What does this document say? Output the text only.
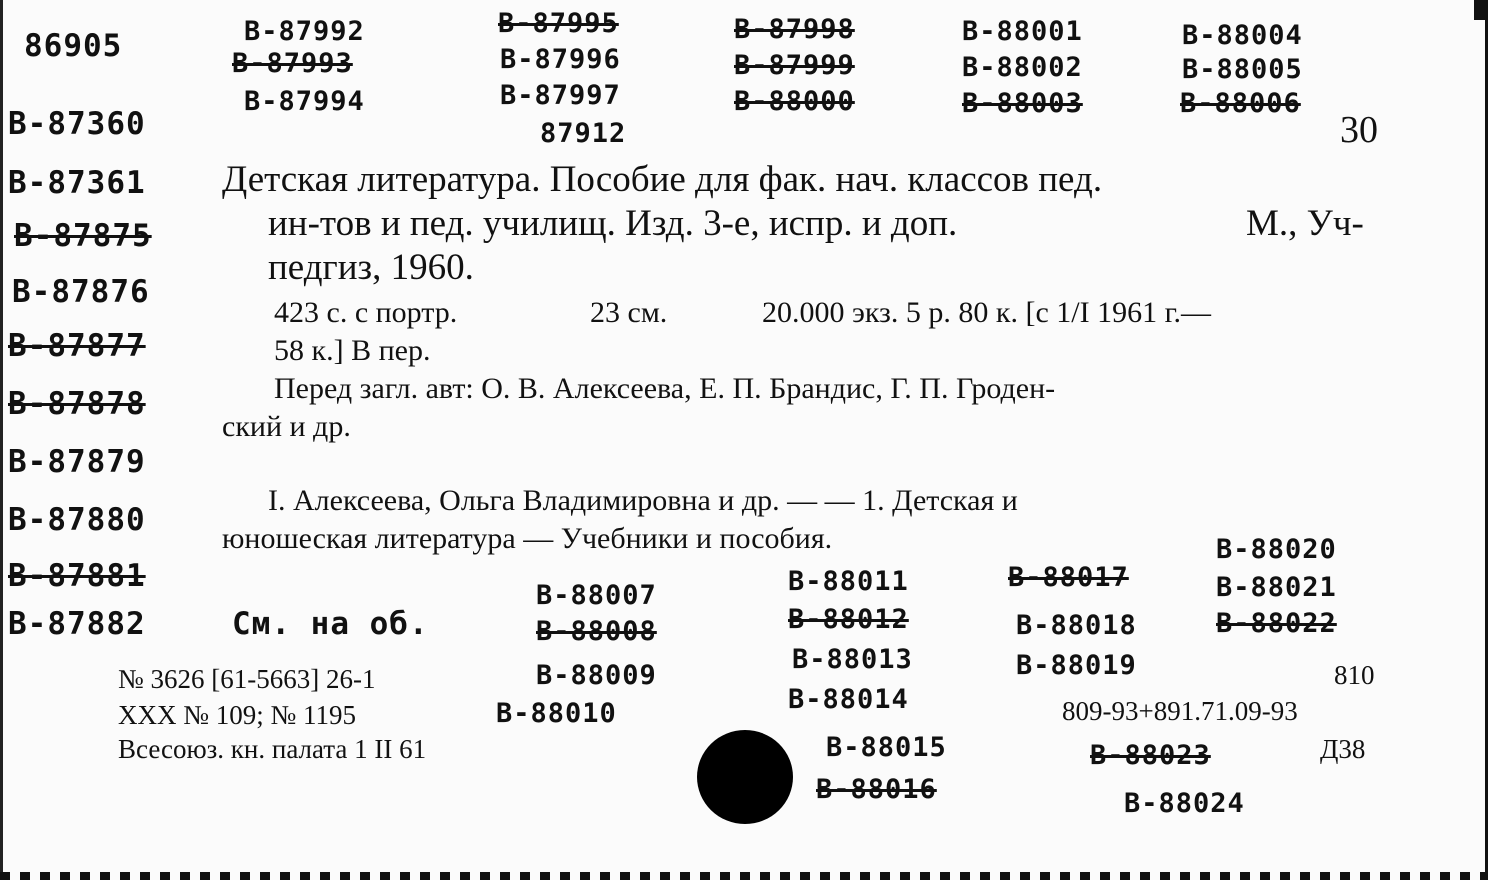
86905
В-87360
В-87361
В-87875
В-87876
В-87877
В-87878
В-87879
В-87880
В-87881
В-87882	См. на об.
В-87992	В-87995	В-87998	В-88001	В-88004
В-87993	В-87996	В-87999	В-88002	В-88005
В-87994	В-87997	В-88000	В-88003	В-88006
87912	30
Детская литература. Пособие для фак. нач. классов пед.
ин-тов и пед. училищ. Изд. 3-е, испр. и доп.	М., Уч-
педгиз, 1960.
423 с. с портр.	23 см.	20.000 экз. 5 р. 80 к. [с 1/I 1961 г.—
58 к.] В пер.
Перед загл. авт: О. В. Алексеева, Е. П. Брандис, Г. П. Гроден-
ский и др.
I. Алексеева, Ольга Владимировна и др. — — 1. Детская и
юношеская литература — Учебники и пособия.
В-88007
В-88008
В-88009
В-88010
В-88011
В-88012
В-88013
В-88014
В-88015
В-88016
В-88017
В-88018
В-88019
В-88020
В-88021
В-88022
В-88023
В-88024
№ 3626 [61-5663] 26-1
XXX № 109; № 1195
Всесоюз. кн. палата 1 II 61
810
809-93+891.71.09-93
Д38
